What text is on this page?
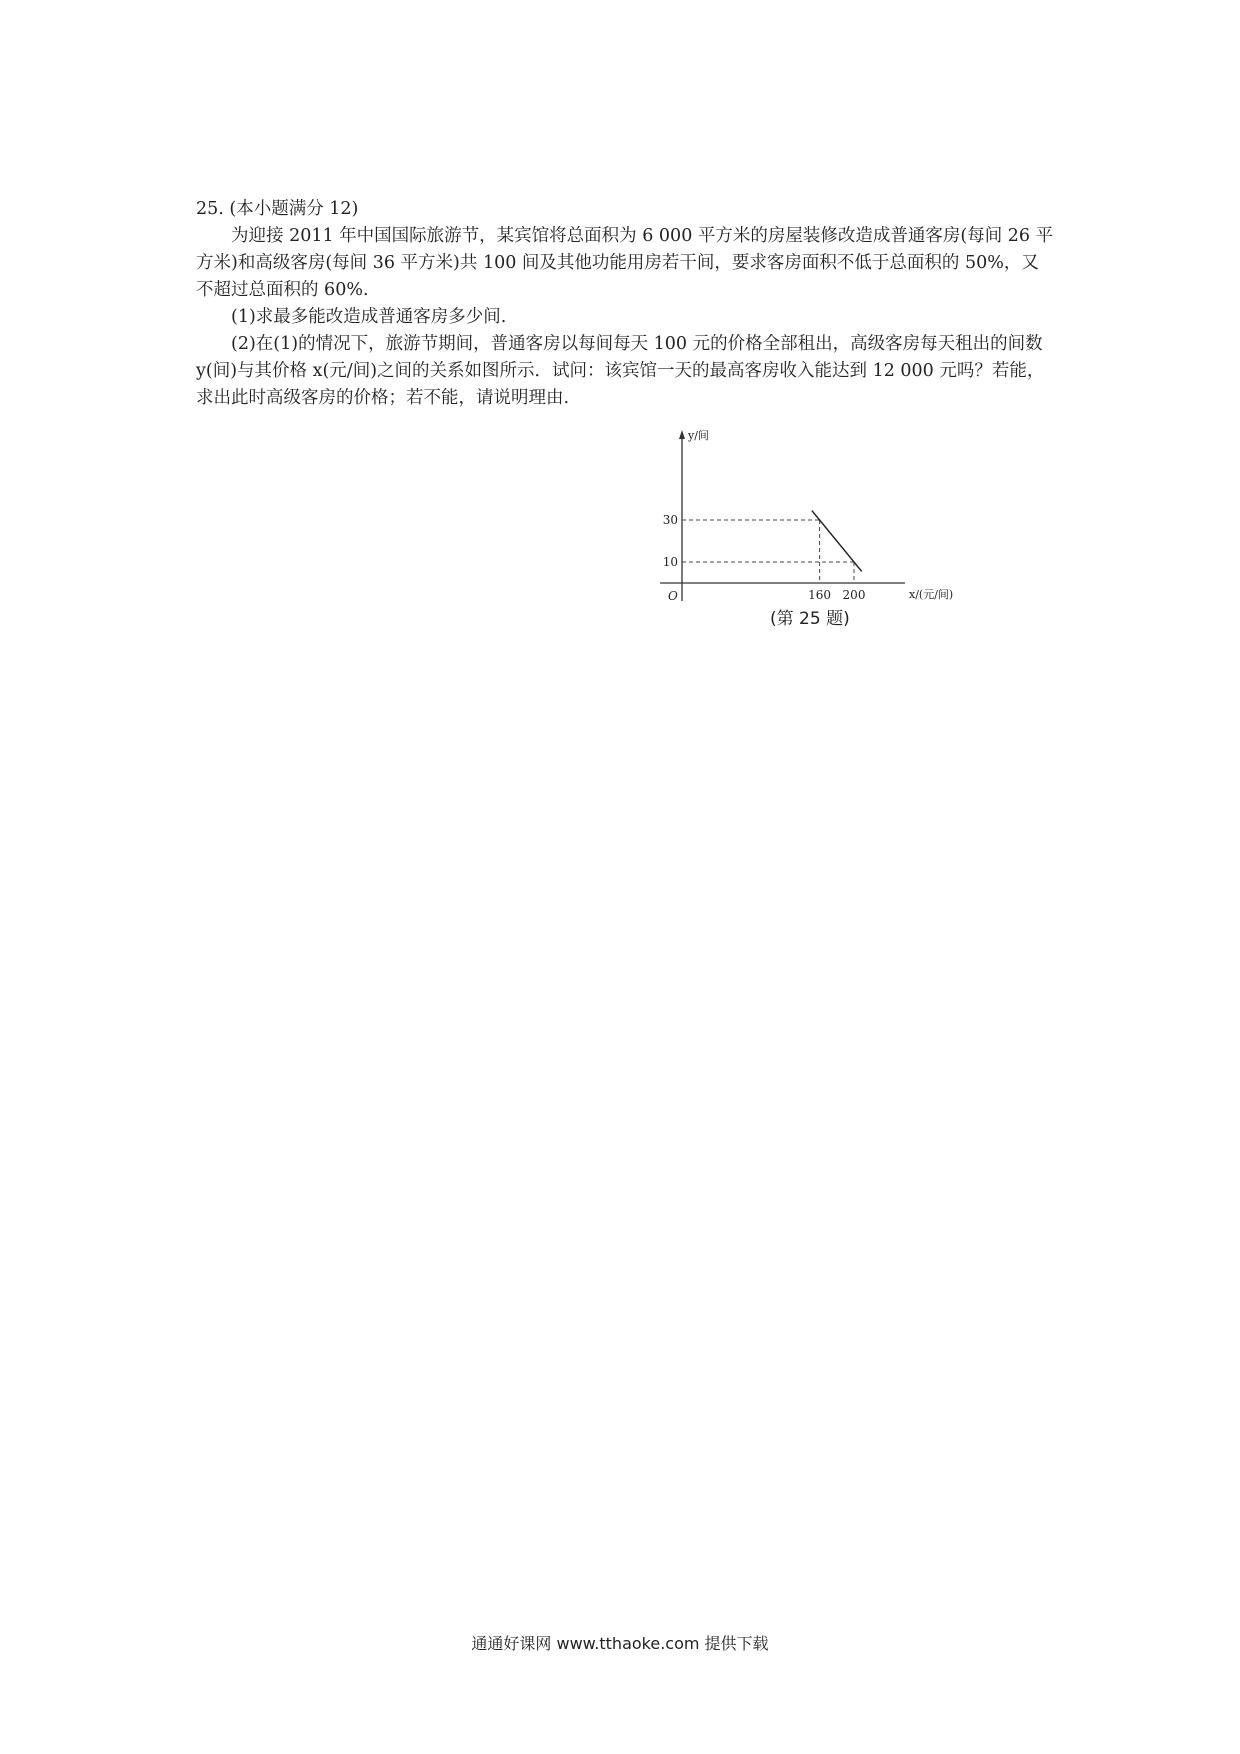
25. (本小题满分 12)

为迎接 2011 年中国国际旅游节，某宾馆将总面积为 6 000 平方米的房屋装修改造成普通客房(每间 26 平方米)和高级客房(每间 36 平方米)共 100 间及其他功能用房若干间，要求客房面积不低于总面积的 50%，又不超过总面积的 60%.

(1)求最多能改造成普通客房多少间.

(2)在(1)的情况下，旅游节期间，普通客房以每间每天 100 元的价格全部租出，高级客房每天租出的间数 y(间)与其价格 x(元/间)之间的关系如图所示．试问：该宾馆一天的最高客房收入能达到 12 000 元吗？若能，求出此时高级客房的价格；若不能，请说明理由.

y/间
x/(元/间)
O
30
10
160 200
(第 25 题)
通通好课网 www.tthaoke.com 提供下载
